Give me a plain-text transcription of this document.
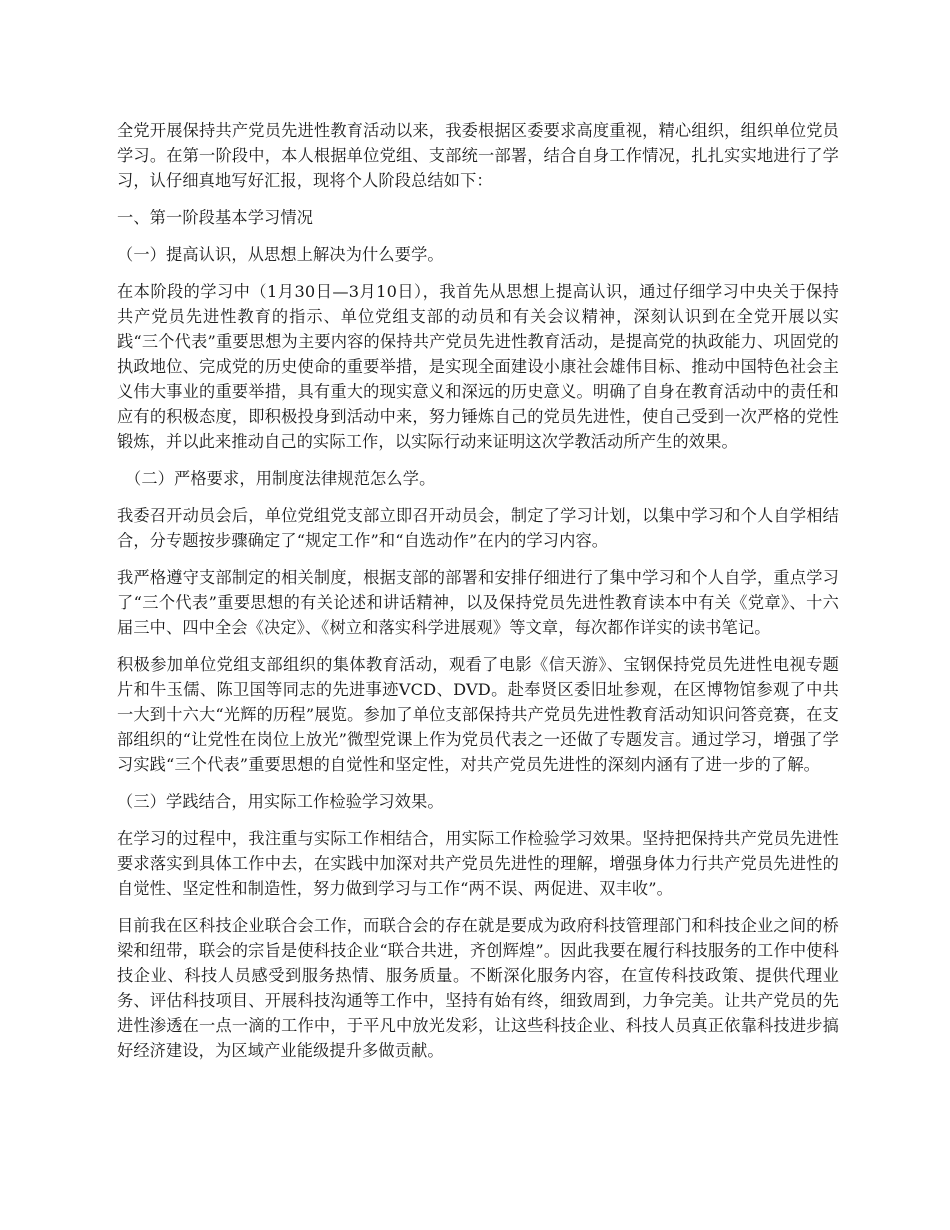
全党开展保持共产党员先进性教育活动以来，我委根据区委要求高度重视，精心组织，组织单位党员学习。在第一阶段中，本人根据单位党组、支部统一部署，结合自身工作情况，扎扎实实地进行了学习，认仔细真地写好汇报，现将个人阶段总结如下：

一、第一阶段基本学习情况

（一）提高认识，从思想上解决为什么要学。

在本阶段的学习中（1月30日—3月10日），我首先从思想上提高认识，通过仔细学习中央关于保持共产党员先进性教育的指示、单位党组支部的动员和有关会议精神，深刻认识到在全党开展以实践“三个代表”重要思想为主要内容的保持共产党员先进性教育活动，是提高党的执政能力、巩固党的执政地位、完成党的历史使命的重要举措，是实现全面建设小康社会雄伟目标、推动中国特色社会主义伟大事业的重要举措，具有重大的现实意义和深远的历史意义。明确了自身在教育活动中的责任和应有的积极态度，即积极投身到活动中来，努力锤炼自己的党员先进性，使自己受到一次严格的党性锻炼，并以此来推动自己的实际工作，以实际行动来证明这次学教活动所产生的效果。

（二）严格要求，用制度法律规范怎么学。

我委召开动员会后，单位党组党支部立即召开动员会，制定了学习计划，以集中学习和个人自学相结合，分专题按步骤确定了“规定工作”和“自选动作”在内的学习内容。

我严格遵守支部制定的相关制度，根据支部的部署和安排仔细进行了集中学习和个人自学，重点学习了“三个代表”重要思想的有关论述和讲话精神，以及保持党员先进性教育读本中有关《党章》、十六届三中、四中全会《决定》、《树立和落实科学进展观》等文章，每次都作详实的读书笔记。

积极参加单位党组支部组织的集体教育活动，观看了电影《信天游》、宝钢保持党员先进性电视专题片和牛玉儒、陈卫国等同志的先进事迹VCD、DVD。赴奉贤区委旧址参观，在区博物馆参观了中共一大到十六大“光辉的历程”展览。参加了单位支部保持共产党员先进性教育活动知识问答竞赛，在支部组织的“让党性在岗位上放光”微型党课上作为党员代表之一还做了专题发言。通过学习，增强了学习实践“三个代表”重要思想的自觉性和坚定性，对共产党员先进性的深刻内涵有了进一步的了解。

（三）学践结合，用实际工作检验学习效果。

在学习的过程中，我注重与实际工作相结合，用实际工作检验学习效果。坚持把保持共产党员先进性要求落实到具体工作中去，在实践中加深对共产党员先进性的理解，增强身体力行共产党员先进性的自觉性、坚定性和制造性，努力做到学习与工作“两不误、两促进、双丰收”。

目前我在区科技企业联合会工作，而联合会的存在就是要成为政府科技管理部门和科技企业之间的桥梁和纽带，联会的宗旨是使科技企业“联合共进，齐创辉煌”。因此我要在履行科技服务的工作中使科技企业、科技人员感受到服务热情、服务质量。不断深化服务内容，在宣传科技政策、提供代理业务、评估科技项目、开展科技沟通等工作中，坚持有始有终，细致周到，力争完美。让共产党员的先进性渗透在一点一滴的工作中，于平凡中放光发彩，让这些科技企业、科技人员真正依靠科技进步搞好经济建设，为区域产业能级提升多做贡献。
